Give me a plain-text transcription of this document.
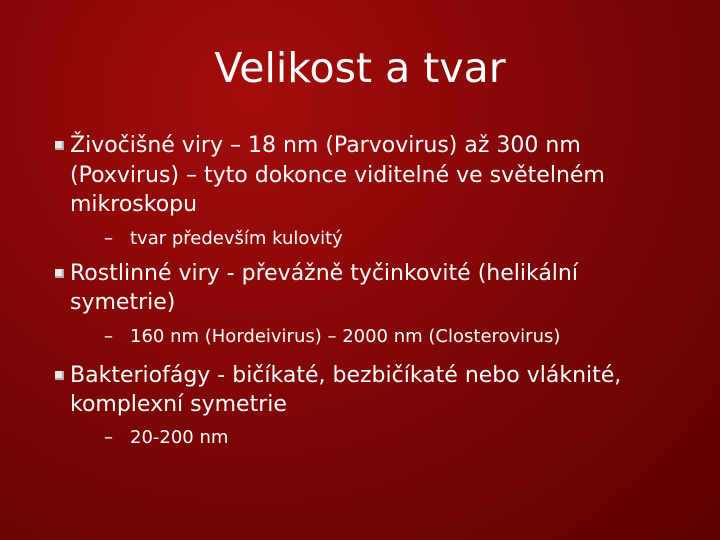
Velikost a tvar
Živočišné viry – 18 nm (Parvovirus) až 300 nm
(Poxvirus) – tyto dokonce viditelné ve světelném
mikroskopu
– tvar především kulovitý
Rostlinné viry - převážně tyčinkovité (helikální
symetrie)
– 160 nm (Hordeivirus) – 2000 nm (Closterovirus)
Bakteriofágy - bičíkaté, bezbičíkaté nebo vláknité,
komplexní symetrie
– 20-200 nm
